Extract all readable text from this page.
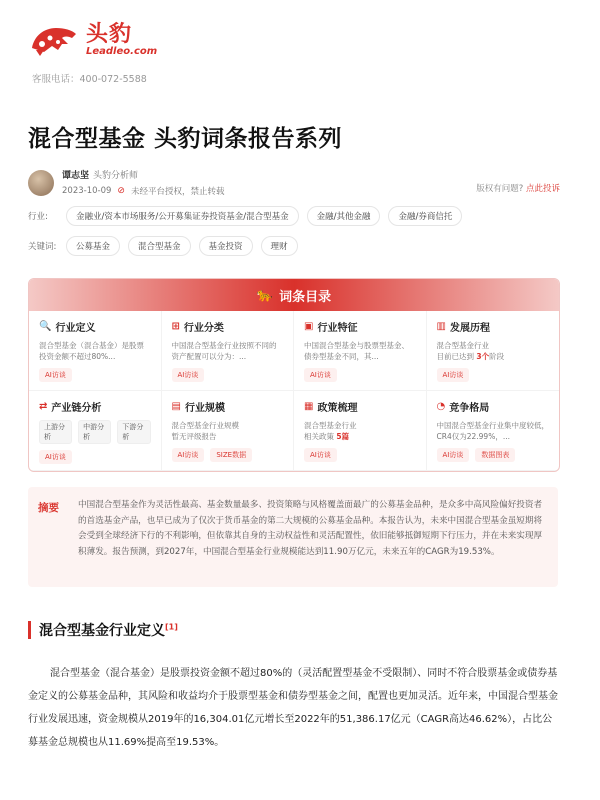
头豹
Leadleo.com
客服电话：400-072-5588
混合型基金 头豹词条报告系列
谭志坚 头豹分析师
2023-10-09 ⊘ 未经平台授权，禁止转载	版权有问题? 点此投诉
行业:	金融业/资本市场服务/公开募集证券投资基金/混合型基金	金融/其他金融	金融/券商信托
关键词:	公募基金	混合型基金	基金投资	理财
🐆 词条目录
🔍 行业定义
混合型基金（混合基金）是股票投资金额不超过80%...
AI访谈
⊞ 行业分类
中国混合型基金行业按照不同的资产配置可以分为：...
AI访谈
▣ 行业特征
中国混合型基金与股票型基金、债券型基金不同，其...
AI访谈
▥ 发展历程
混合型基金行业
目前已达到 3个阶段
AI访谈
⇄ 产业链分析
上游分析
中游分析
下游分析
AI访谈
▤ 行业规模
混合型基金行业规模
暂无评级报告
AI访谈	SIZE数据
▦ 政策梳理
混合型基金行业
相关政策 5篇
AI访谈
◔ 竞争格局
中国混合型基金行业集中度较低，CR4仅为22.99%，...
AI访谈	数据图表
摘要 中国混合型基金作为灵活性最高、基金数量最多、投资策略与风格覆盖面最广的公募基金品种，是众多中高风险偏好投资者的首选基金产品，也早已成为了仅次于货币基金的第二大规模的公募基金品种。本报告认为，未来中国混合型基金虽短期将会受到全球经济下行的不利影响，但依靠其自身的主动权益性和灵活配置性，依旧能够抵御短期下行压力，并在未来实现厚积薄发。报告预测，到2027年，中国混合型基金行业规模能达到11.90万亿元，未来五年的CAGR为19.53%。
混合型基金行业定义[1]
混合型基金（混合基金）是股票投资金额不超过80%的（灵活配置型基金不受限制）、同时不符合股票基金或债券基金定义的公募基金品种，其风险和收益均介于股票型基金和债券型基金之间，配置也更加灵活。近年来，中国混合型基金行业发展迅速，资金规模从2019年的16,304.01亿元增长至2022年的51,386.17亿元（CAGR高达46.62%），占比公募基金总规模也从11.69%提高至19.53%。
